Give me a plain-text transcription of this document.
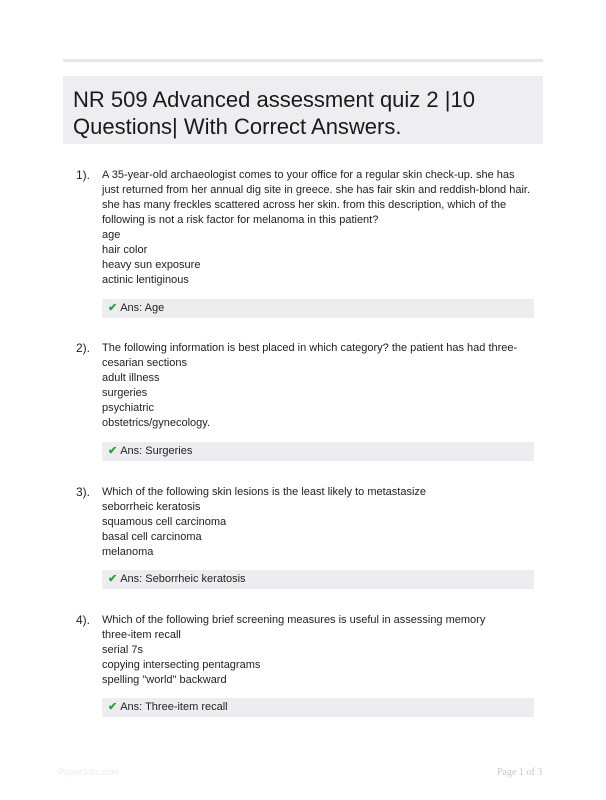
NR 509 Advanced assessment quiz 2 |10 Questions| With Correct Answers.
1). A 35-year-old archaeologist comes to your office for a regular skin check-up. she has just returned from her annual dig site in greece. she has fair skin and reddish-blond hair. she has many freckles scattered across her skin. from this description, which of the following is not a risk factor for melanoma in this patient?

age

hair color

heavy sun exposure

actinic lentiginous

✔ Ans: Age
2). The following information is best placed in which category? the patient has had three-cesarian sections

adult illness

surgeries

psychiatric

obstetrics/gynecology.

✔ Ans: Surgeries
3). Which of the following skin lesions is the least likely to metastasize

seborrheic keratosis

squamous cell carcinoma

basal cell carcinoma

melanoma

✔ Ans: Seborrheic keratosis
4). Which of the following brief screening measures is useful in assessing memory

three-item recall

serial 7s

copying intersecting pentagrams

spelling "world" backward

✔ Ans: Three-item recall
PaperStitc.com	Page 1 of 3
